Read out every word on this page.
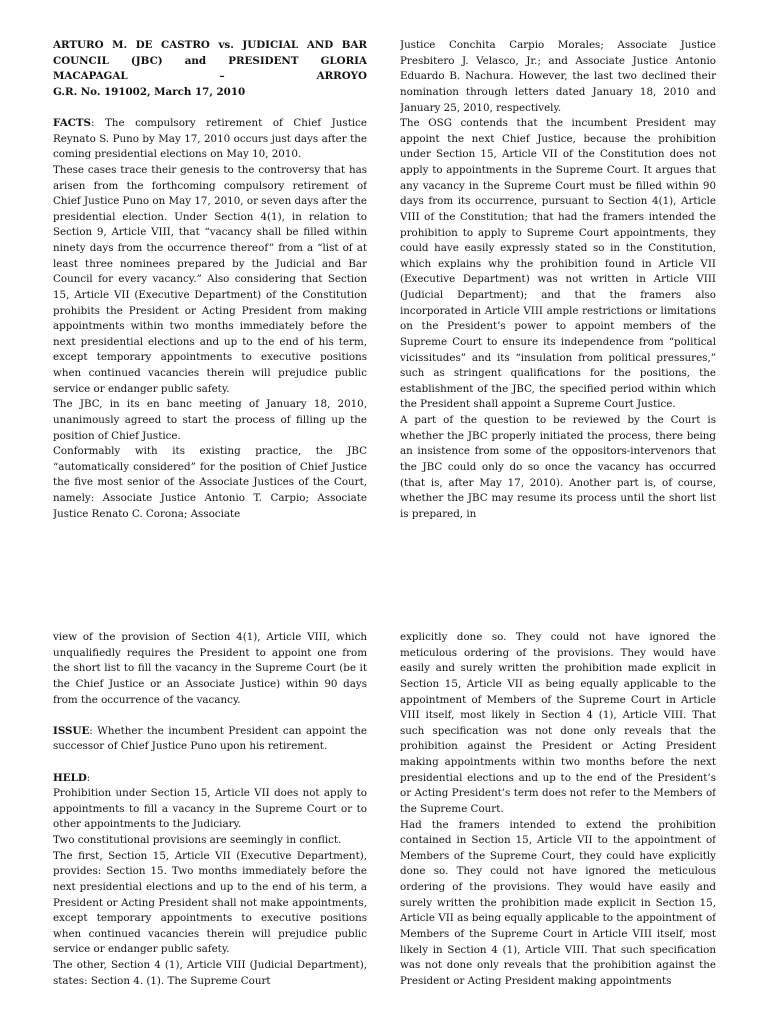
ARTURO M. DE CASTRO vs. JUDICIAL AND BAR
COUNCIL (JBC) and PRESIDENT GLORIA
MACAPAGAL – ARROYO
G.R. No. 191002, March 17, 2010

FACTS: The compulsory retirement of Chief Justice Reynato S. Puno by May 17, 2010 occurs just days after the coming presidential elections on May 10, 2010.

These cases trace their genesis to the controversy that has arisen from the forthcoming compulsory retirement of Chief Justice Puno on May 17, 2010, or seven days after the presidential election. Under Section 4(1), in relation to Section 9, Article VIII, that “vacancy shall be filled within ninety days from the occurrence thereof” from a “list of at least three nominees prepared by the Judicial and Bar Council for every vacancy.” Also considering that Section 15, Article VII (Executive Department) of the Constitution prohibits the President or Acting President from making appointments within two months immediately before the next presidential elections and up to the end of his term, except temporary appointments to executive positions when continued vacancies therein will prejudice public service or endanger public safety.

The JBC, in its en banc meeting of January 18, 2010, unanimously agreed to start the process of filling up the position of Chief Justice.

Conformably with its existing practice, the JBC “automatically considered” for the position of Chief Justice the five most senior of the Associate Justices of the Court, namely: Associate Justice Antonio T. Carpio; Associate Justice Renato C. Corona; Associate

Justice Conchita Carpio Morales; Associate Justice Presbitero J. Velasco, Jr.; and Associate Justice Antonio Eduardo B. Nachura. However, the last two declined their nomination through letters dated January 18, 2010 and January 25, 2010, respectively.

The OSG contends that the incumbent President may appoint the next Chief Justice, because the prohibition under Section 15, Article VII of the Constitution does not apply to appointments in the Supreme Court. It argues that any vacancy in the Supreme Court must be filled within 90 days from its occurrence, pursuant to Section 4(1), Article VIII of the Constitution; that had the framers intended the prohibition to apply to Supreme Court appointments, they could have easily expressly stated so in the Constitution, which explains why the prohibition found in Article VII (Executive Department) was not written in Article VIII (Judicial Department); and that the framers also incorporated in Article VIII ample restrictions or limitations on the President’s power to appoint members of the Supreme Court to ensure its independence from “political vicissitudes” and its “insulation from political pressures,” such as stringent qualifications for the positions, the establishment of the JBC, the specified period within which the President shall appoint a Supreme Court Justice.

A part of the question to be reviewed by the Court is whether the JBC properly initiated the process, there being an insistence from some of the oppositors-intervenors that the JBC could only do so once the vacancy has occurred (that is, after May 17, 2010). Another part is, of course, whether the JBC may resume its process until the short list is prepared, in

view of the provision of Section 4(1), Article VIII, which unqualifiedly requires the President to appoint one from the short list to fill the vacancy in the Supreme Court (be it the Chief Justice or an Associate Justice) within 90 days from the occurrence of the vacancy.

ISSUE: Whether the incumbent President can appoint the successor of Chief Justice Puno upon his retirement.

HELD:

Prohibition under Section 15, Article VII does not apply to appointments to fill a vacancy in the Supreme Court or to other appointments to the Judiciary.

Two constitutional provisions are seemingly in conflict.

The first, Section 15, Article VII (Executive Department), provides: Section 15. Two months immediately before the next presidential elections and up to the end of his term, a President or Acting President shall not make appointments, except temporary appointments to executive positions when continued vacancies therein will prejudice public service or endanger public safety.

The other, Section 4 (1), Article VIII (Judicial Department), states: Section 4. (1). The Supreme Court

explicitly done so. They could not have ignored the meticulous ordering of the provisions. They would have easily and surely written the prohibition made explicit in Section 15, Article VII as being equally applicable to the appointment of Members of the Supreme Court in Article VIII itself, most likely in Section 4 (1), Article VIII. That such specification was not done only reveals that the prohibition against the President or Acting President making appointments within two months before the next presidential elections and up to the end of the President’s or Acting President’s term does not refer to the Members of the Supreme Court.

Had the framers intended to extend the prohibition contained in Section 15, Article VII to the appointment of Members of the Supreme Court, they could have explicitly done so. They could not have ignored the meticulous ordering of the provisions. They would have easily and surely written the prohibition made explicit in Section 15, Article VII as being equally applicable to the appointment of Members of the Supreme Court in Article VIII itself, most likely in Section 4 (1), Article VIII. That such specification was not done only reveals that the prohibition against the President or Acting President making appointments
